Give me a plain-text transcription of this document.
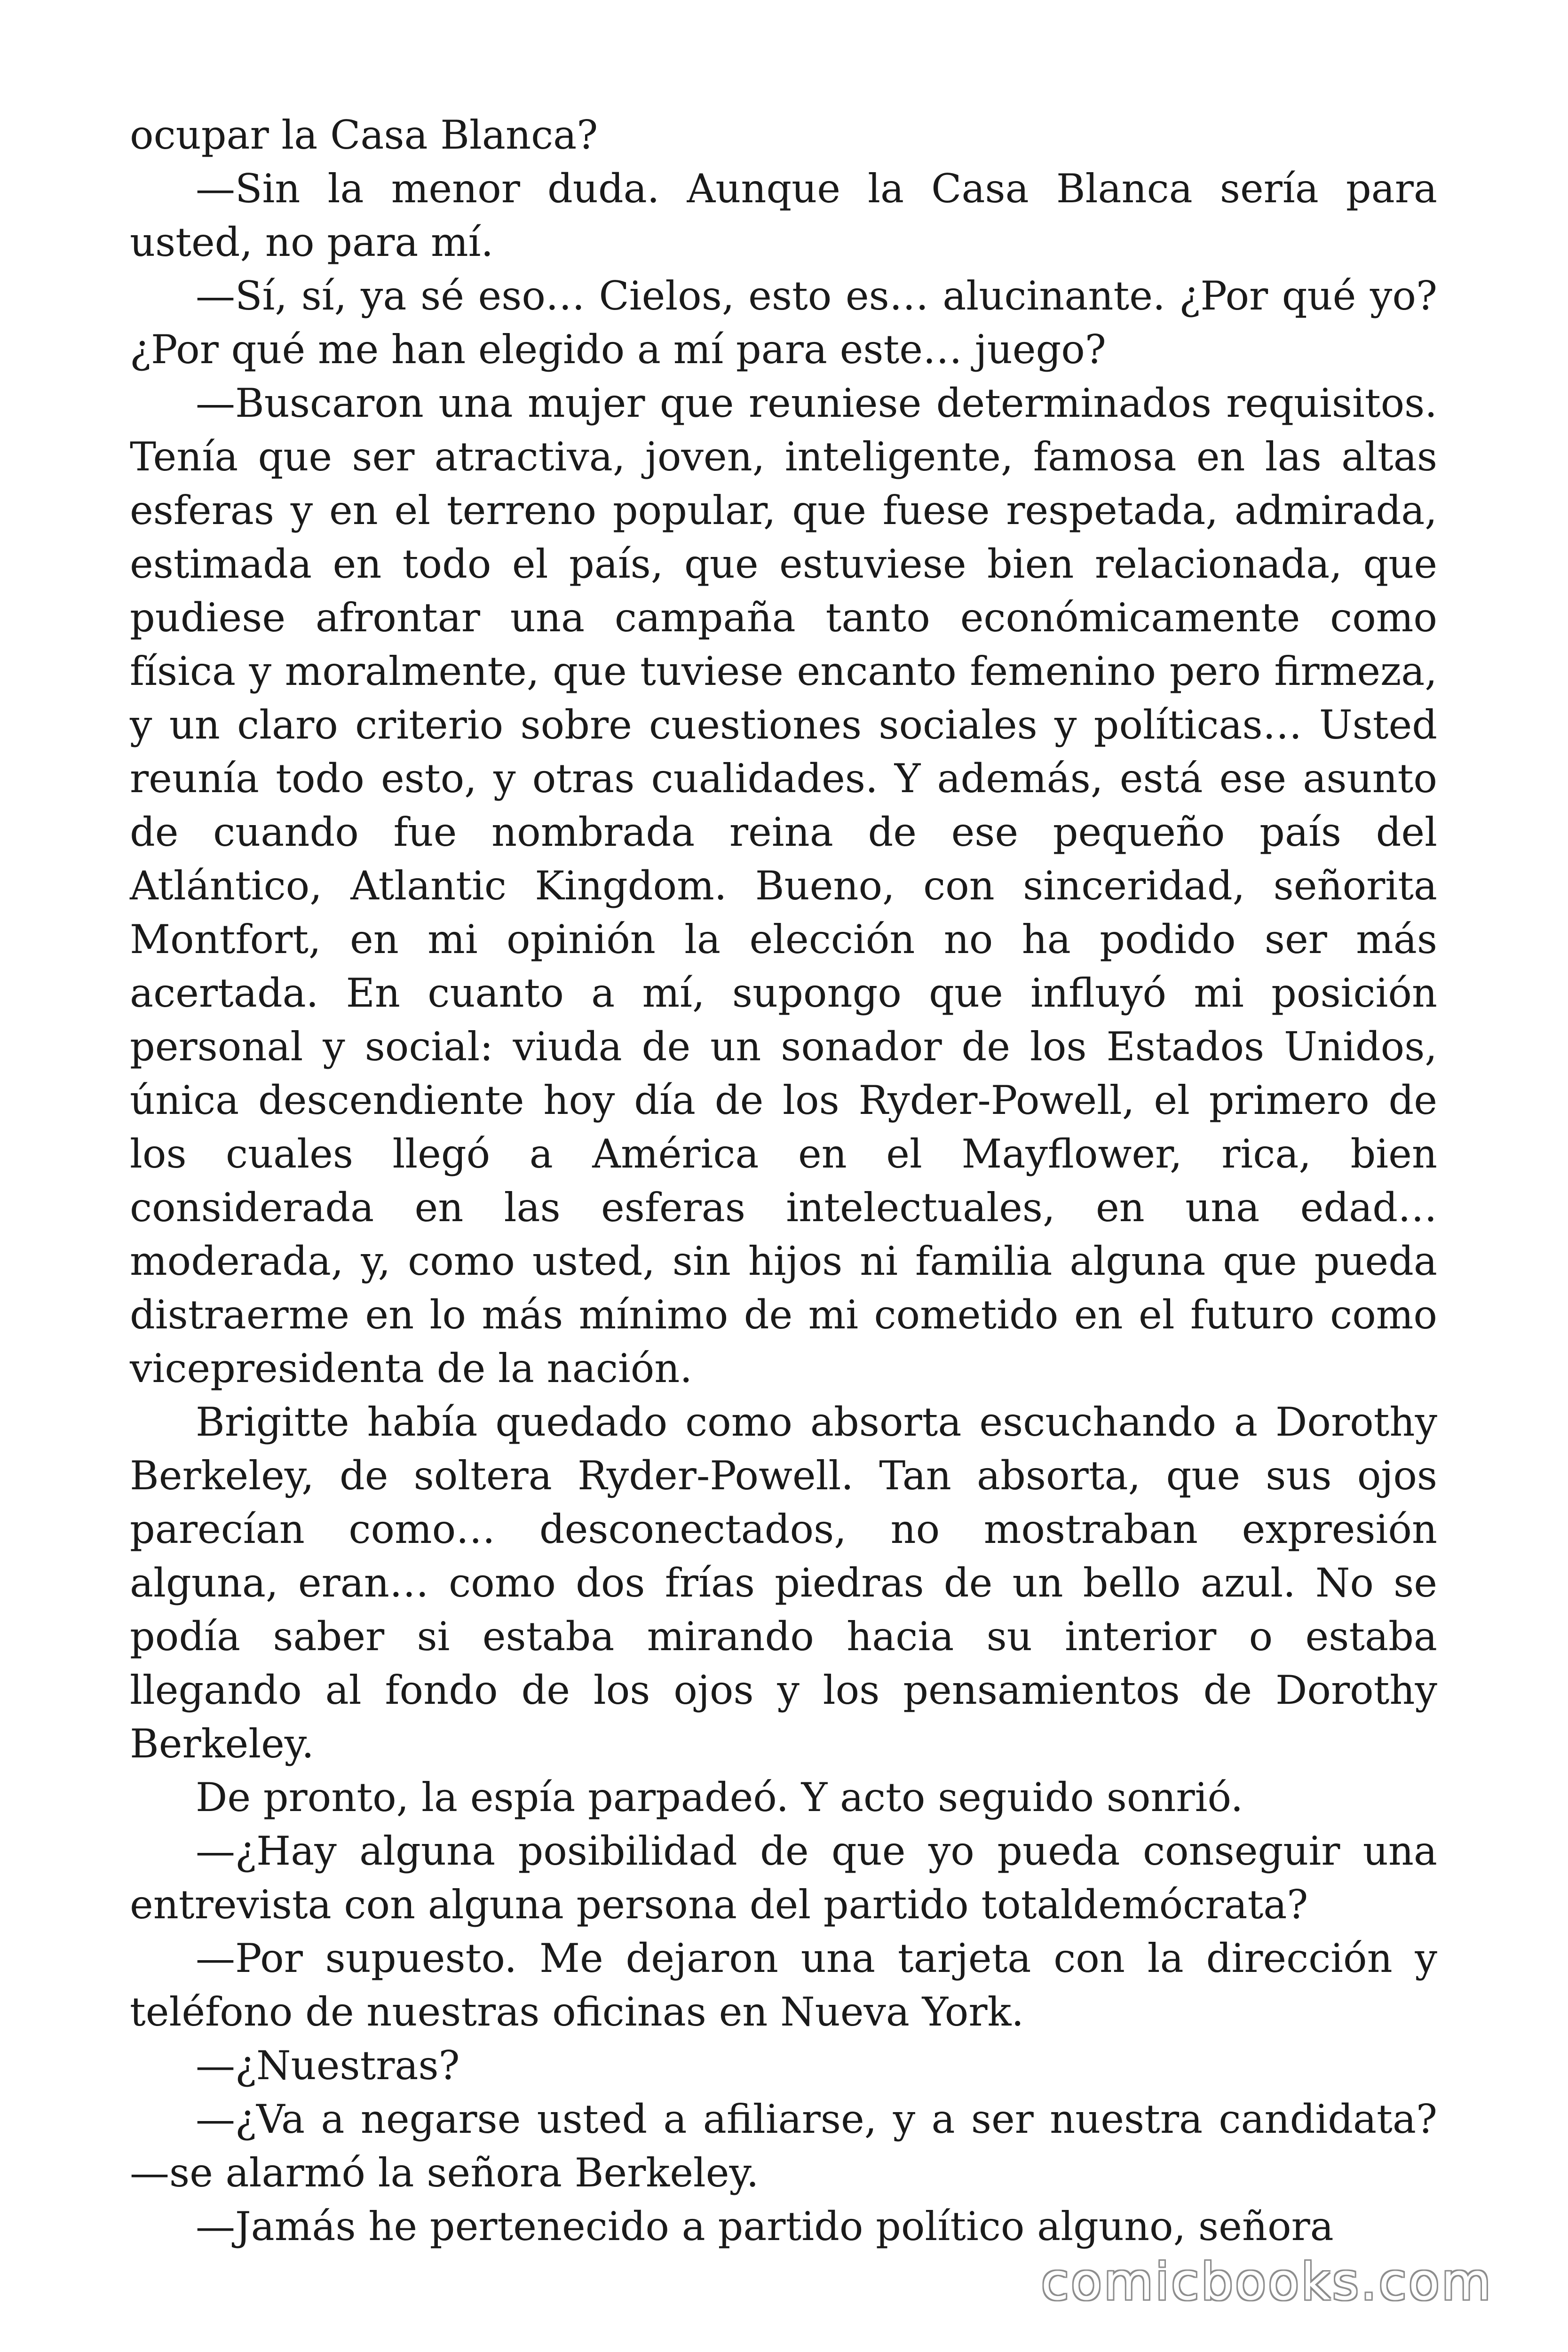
ocupar la Casa Blanca?

—Sin la menor duda. Aunque la Casa Blanca sería para usted, no para mí.

—Sí, sí, ya sé eso… Cielos, esto es… alucinante. ¿Por qué yo? ¿Por qué me han elegido a mí para este… juego?

—Buscaron una mujer que reuniese determinados requisitos. Tenía que ser atractiva, joven, inteligente, famosa en las altas esferas y en el terreno popular, que fuese respetada, admirada, estimada en todo el país, que estuviese bien relacionada, que pudiese afrontar una campaña tanto económicamente como física y moralmente, que tuviese encanto femenino pero firmeza, y un claro criterio sobre cuestiones sociales y políticas… Usted reunía todo esto, y otras cualidades. Y además, está ese asunto de cuando fue nombrada reina de ese pequeño país del Atlántico, Atlantic Kingdom. Bueno, con sinceridad, señorita Montfort, en mi opinión la elección no ha podido ser más acertada. En cuanto a mí, supongo que influyó mi posición personal y social: viuda de un sonador de los Estados Unidos, única descendiente hoy día de los Ryder-Powell, el primero de los cuales llegó a América en el Mayflower, rica, bien considerada en las esferas intelectuales, en una edad… moderada, y, como usted, sin hijos ni familia alguna que pueda distraerme en lo más mínimo de mi cometido en el futuro como vicepresidenta de la nación.

Brigitte había quedado como absorta escuchando a Dorothy Berkeley, de soltera Ryder-Powell. Tan absorta, que sus ojos parecían como… desconectados, no mostraban expresión alguna, eran… como dos frías piedras de un bello azul. No se podía saber si estaba mirando hacia su interior o estaba llegando al fondo de los ojos y los pensamientos de Dorothy Berkeley.

De pronto, la espía parpadeó. Y acto seguido sonrió.

—¿Hay alguna posibilidad de que yo pueda conseguir una entrevista con alguna persona del partido totaldemócrata?

—Por supuesto. Me dejaron una tarjeta con la dirección y teléfono de nuestras oficinas en Nueva York.

—¿Nuestras?

—¿Va a negarse usted a afiliarse, y a ser nuestra candidata? —se alarmó la señora Berkeley.

—Jamás he pertenecido a partido político alguno, señora

comicbooks.com
